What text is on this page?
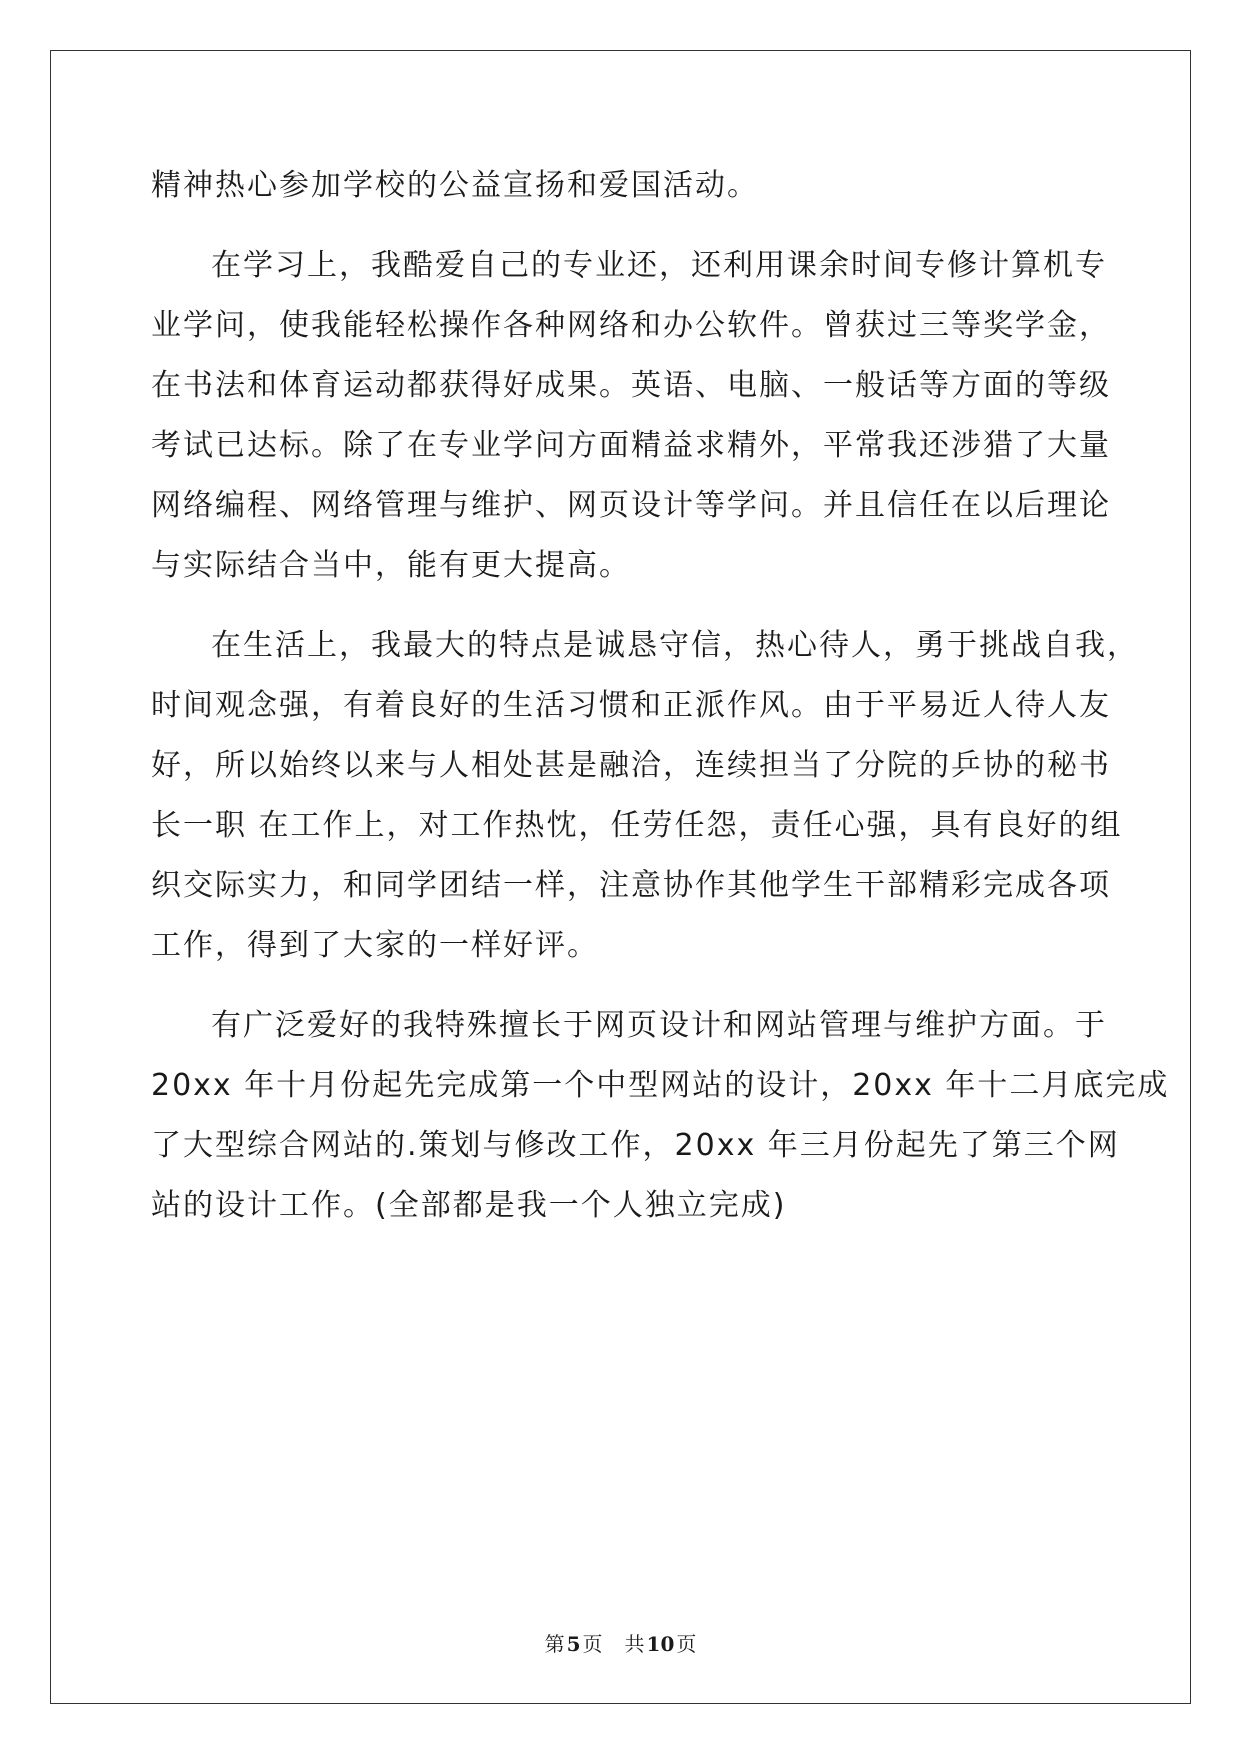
精神热心参加学校的公益宣扬和爱国活动。
在学习上，我酷爱自己的专业还，还利用课余时间专修计算机专
业学问，使我能轻松操作各种网络和办公软件。曾获过三等奖学金，
在书法和体育运动都获得好成果。英语、电脑、一般话等方面的等级
考试已达标。除了在专业学问方面精益求精外，平常我还涉猎了大量
网络编程、网络管理与维护、网页设计等学问。并且信任在以后理论
与实际结合当中，能有更大提高。
在生活上，我最大的特点是诚恳守信，热心待人，勇于挑战自我，
时间观念强，有着良好的生活习惯和正派作风。由于平易近人待人友
好，所以始终以来与人相处甚是融洽，连续担当了分院的乒协的秘书
长一职 在工作上，对工作热忱，任劳任怨，责任心强，具有良好的组
织交际实力，和同学团结一样，注意协作其他学生干部精彩完成各项
工作，得到了大家的一样好评。
有广泛爱好的我特殊擅长于网页设计和网站管理与维护方面。于
20xx 年十月份起先完成第一个中型网站的设计，20xx 年十二月底完成
了大型综合网站的.策划与修改工作，20xx 年三月份起先了第三个网
站的设计工作。(全部都是我一个人独立完成)
第 5 页 共 10 页
